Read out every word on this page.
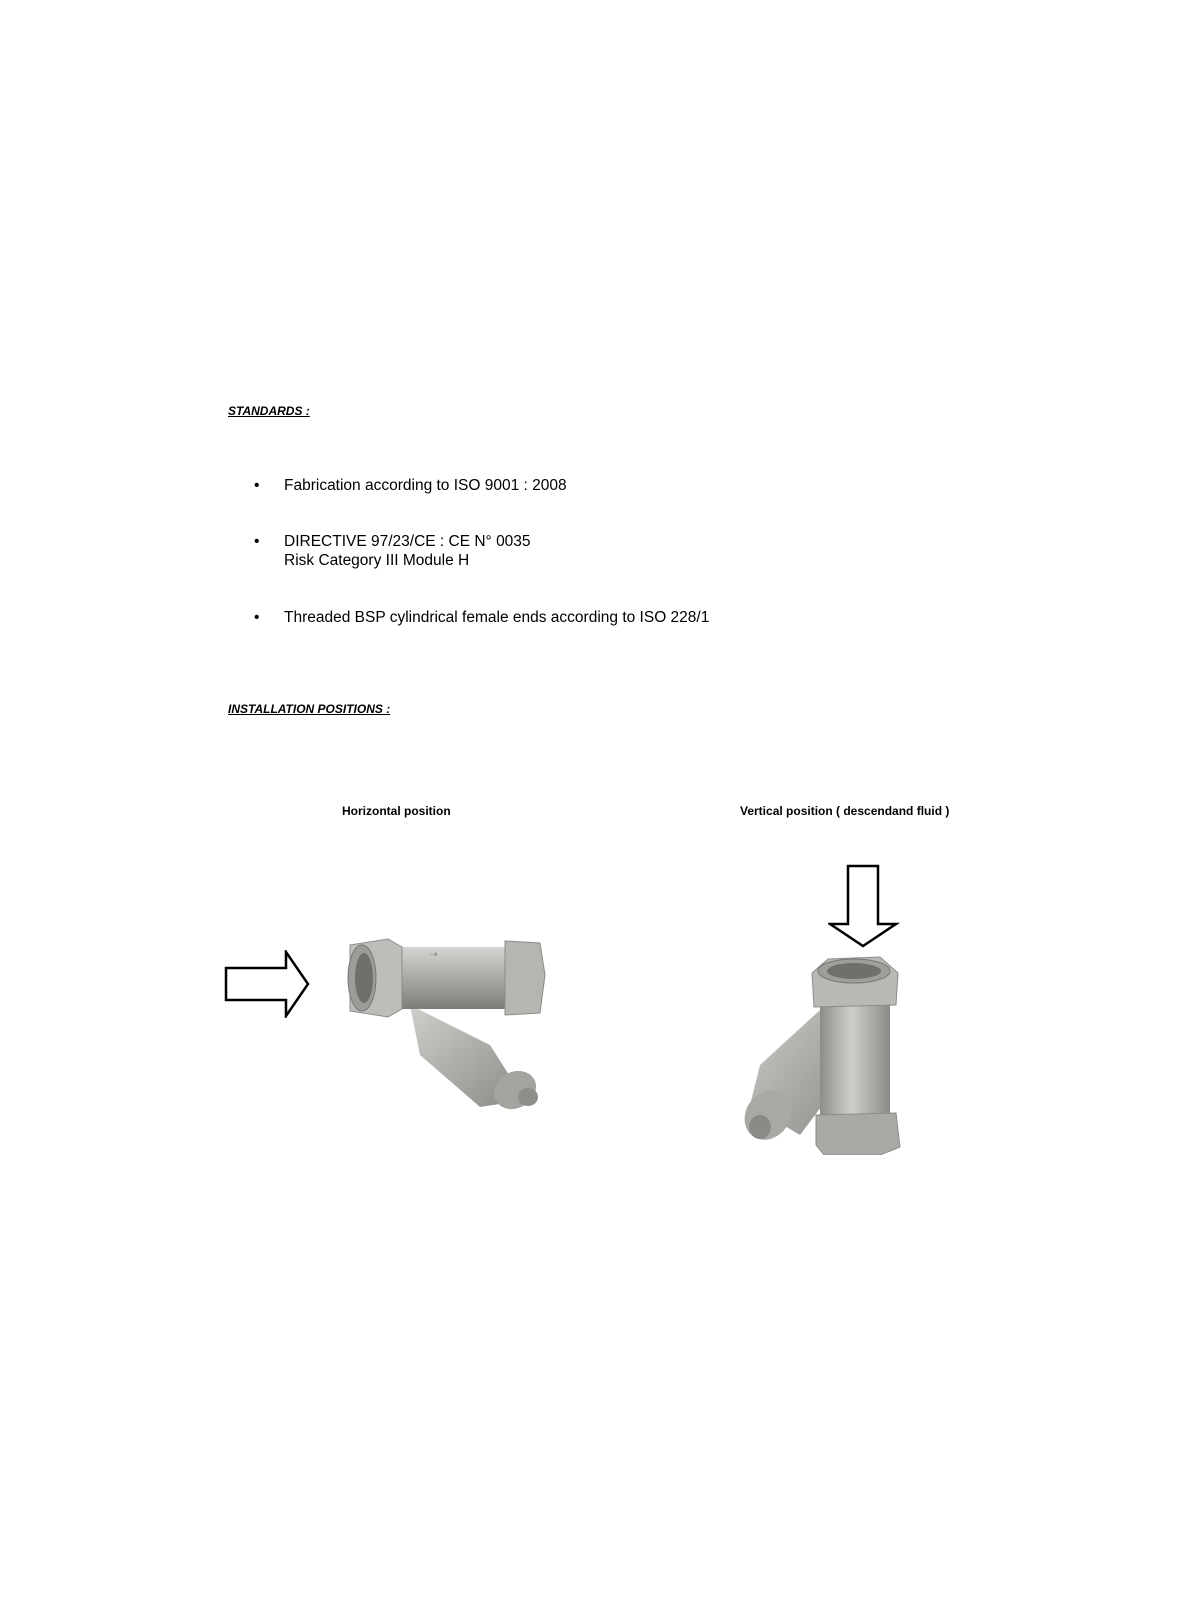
STANDARDS :
•	Fabrication according to ISO 9001 : 2008
•	DIRECTIVE 97/23/CE : CE N° 0035
Risk Category III Module H
•	Threaded BSP cylindrical female ends according to ISO 228/1
INSTALLATION POSITIONS :
Horizontal position	Vertical position ( descendand fluid )
⇢
